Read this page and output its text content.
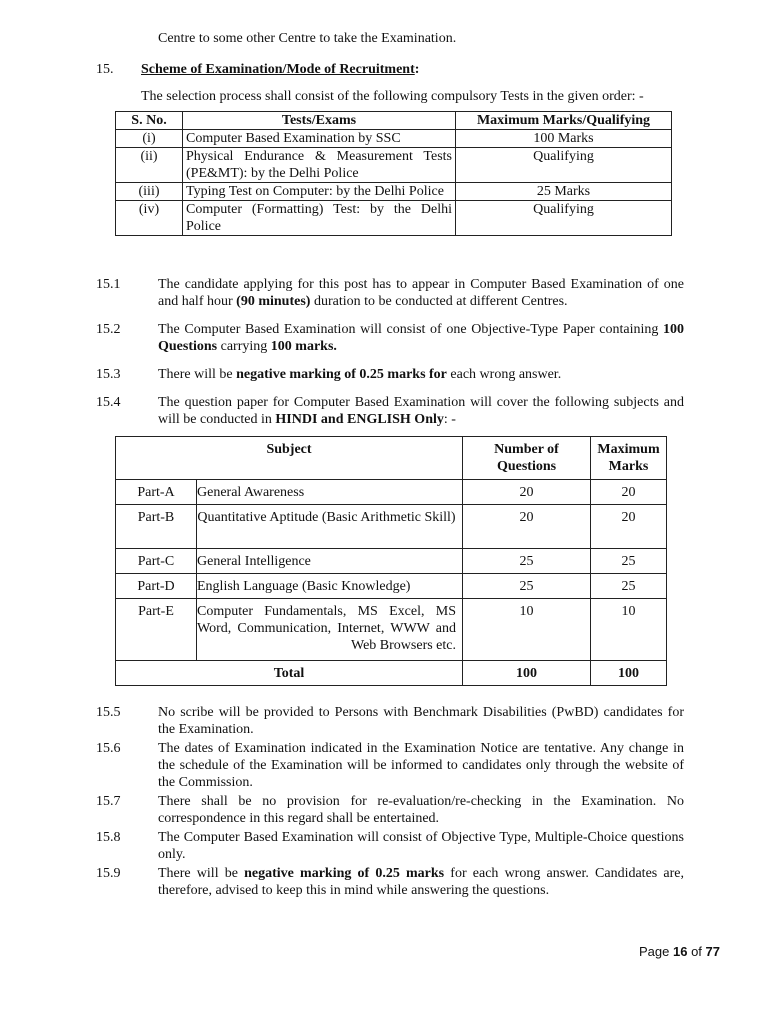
Centre to some other Centre to take the Examination.
15. Scheme of Examination/Mode of Recruitment:
The selection process shall consist of the following compulsory Tests in the given order: -
S. No.	Tests/Exams	Maximum Marks/Qualifying
(i)	Computer Based Examination by SSC	100 Marks
(ii)	Physical Endurance & Measurement Tests (PE&MT): by the Delhi Police	Qualifying
(iii)	Typing Test on Computer: by the Delhi Police	25 Marks
(iv)	Computer (Formatting) Test: by the Delhi Police	Qualifying
15.1	The candidate applying for this post has to appear in Computer Based Examination of one and half hour (90 minutes) duration to be conducted at different Centres.
15.2	The Computer Based Examination will consist of one Objective-Type Paper containing 100 Questions carrying 100 marks.
15.3	There will be negative marking of 0.25 marks for each wrong answer.
15.4	The question paper for Computer Based Examination will cover the following subjects and will be conducted in HINDI and ENGLISH Only: -
Subject		Number of Questions	Maximum Marks
Part-A	General Awareness	20	20
Part-B	Quantitative Aptitude (Basic Arithmetic Skill)	20	20
Part-C	General Intelligence	25	25
Part-D	English Language (Basic Knowledge)	25	25
Part-E	Computer Fundamentals, MS Excel, MS Word, Communication, Internet, WWW and Web Browsers etc.	10	10
Total		100	100
15.5	No scribe will be provided to Persons with Benchmark Disabilities (PwBD) candidates for the Examination.
15.6	The dates of Examination indicated in the Examination Notice are tentative. Any change in the schedule of the Examination will be informed to candidates only through the website of the Commission.
15.7	There shall be no provision for re-evaluation/re-checking in the Examination. No correspondence in this regard shall be entertained.
15.8	The Computer Based Examination will consist of Objective Type, Multiple-Choice questions only.
15.9	There will be negative marking of 0.25 marks for each wrong answer. Candidates are, therefore, advised to keep this in mind while answering the questions.
Page 16 of 77
